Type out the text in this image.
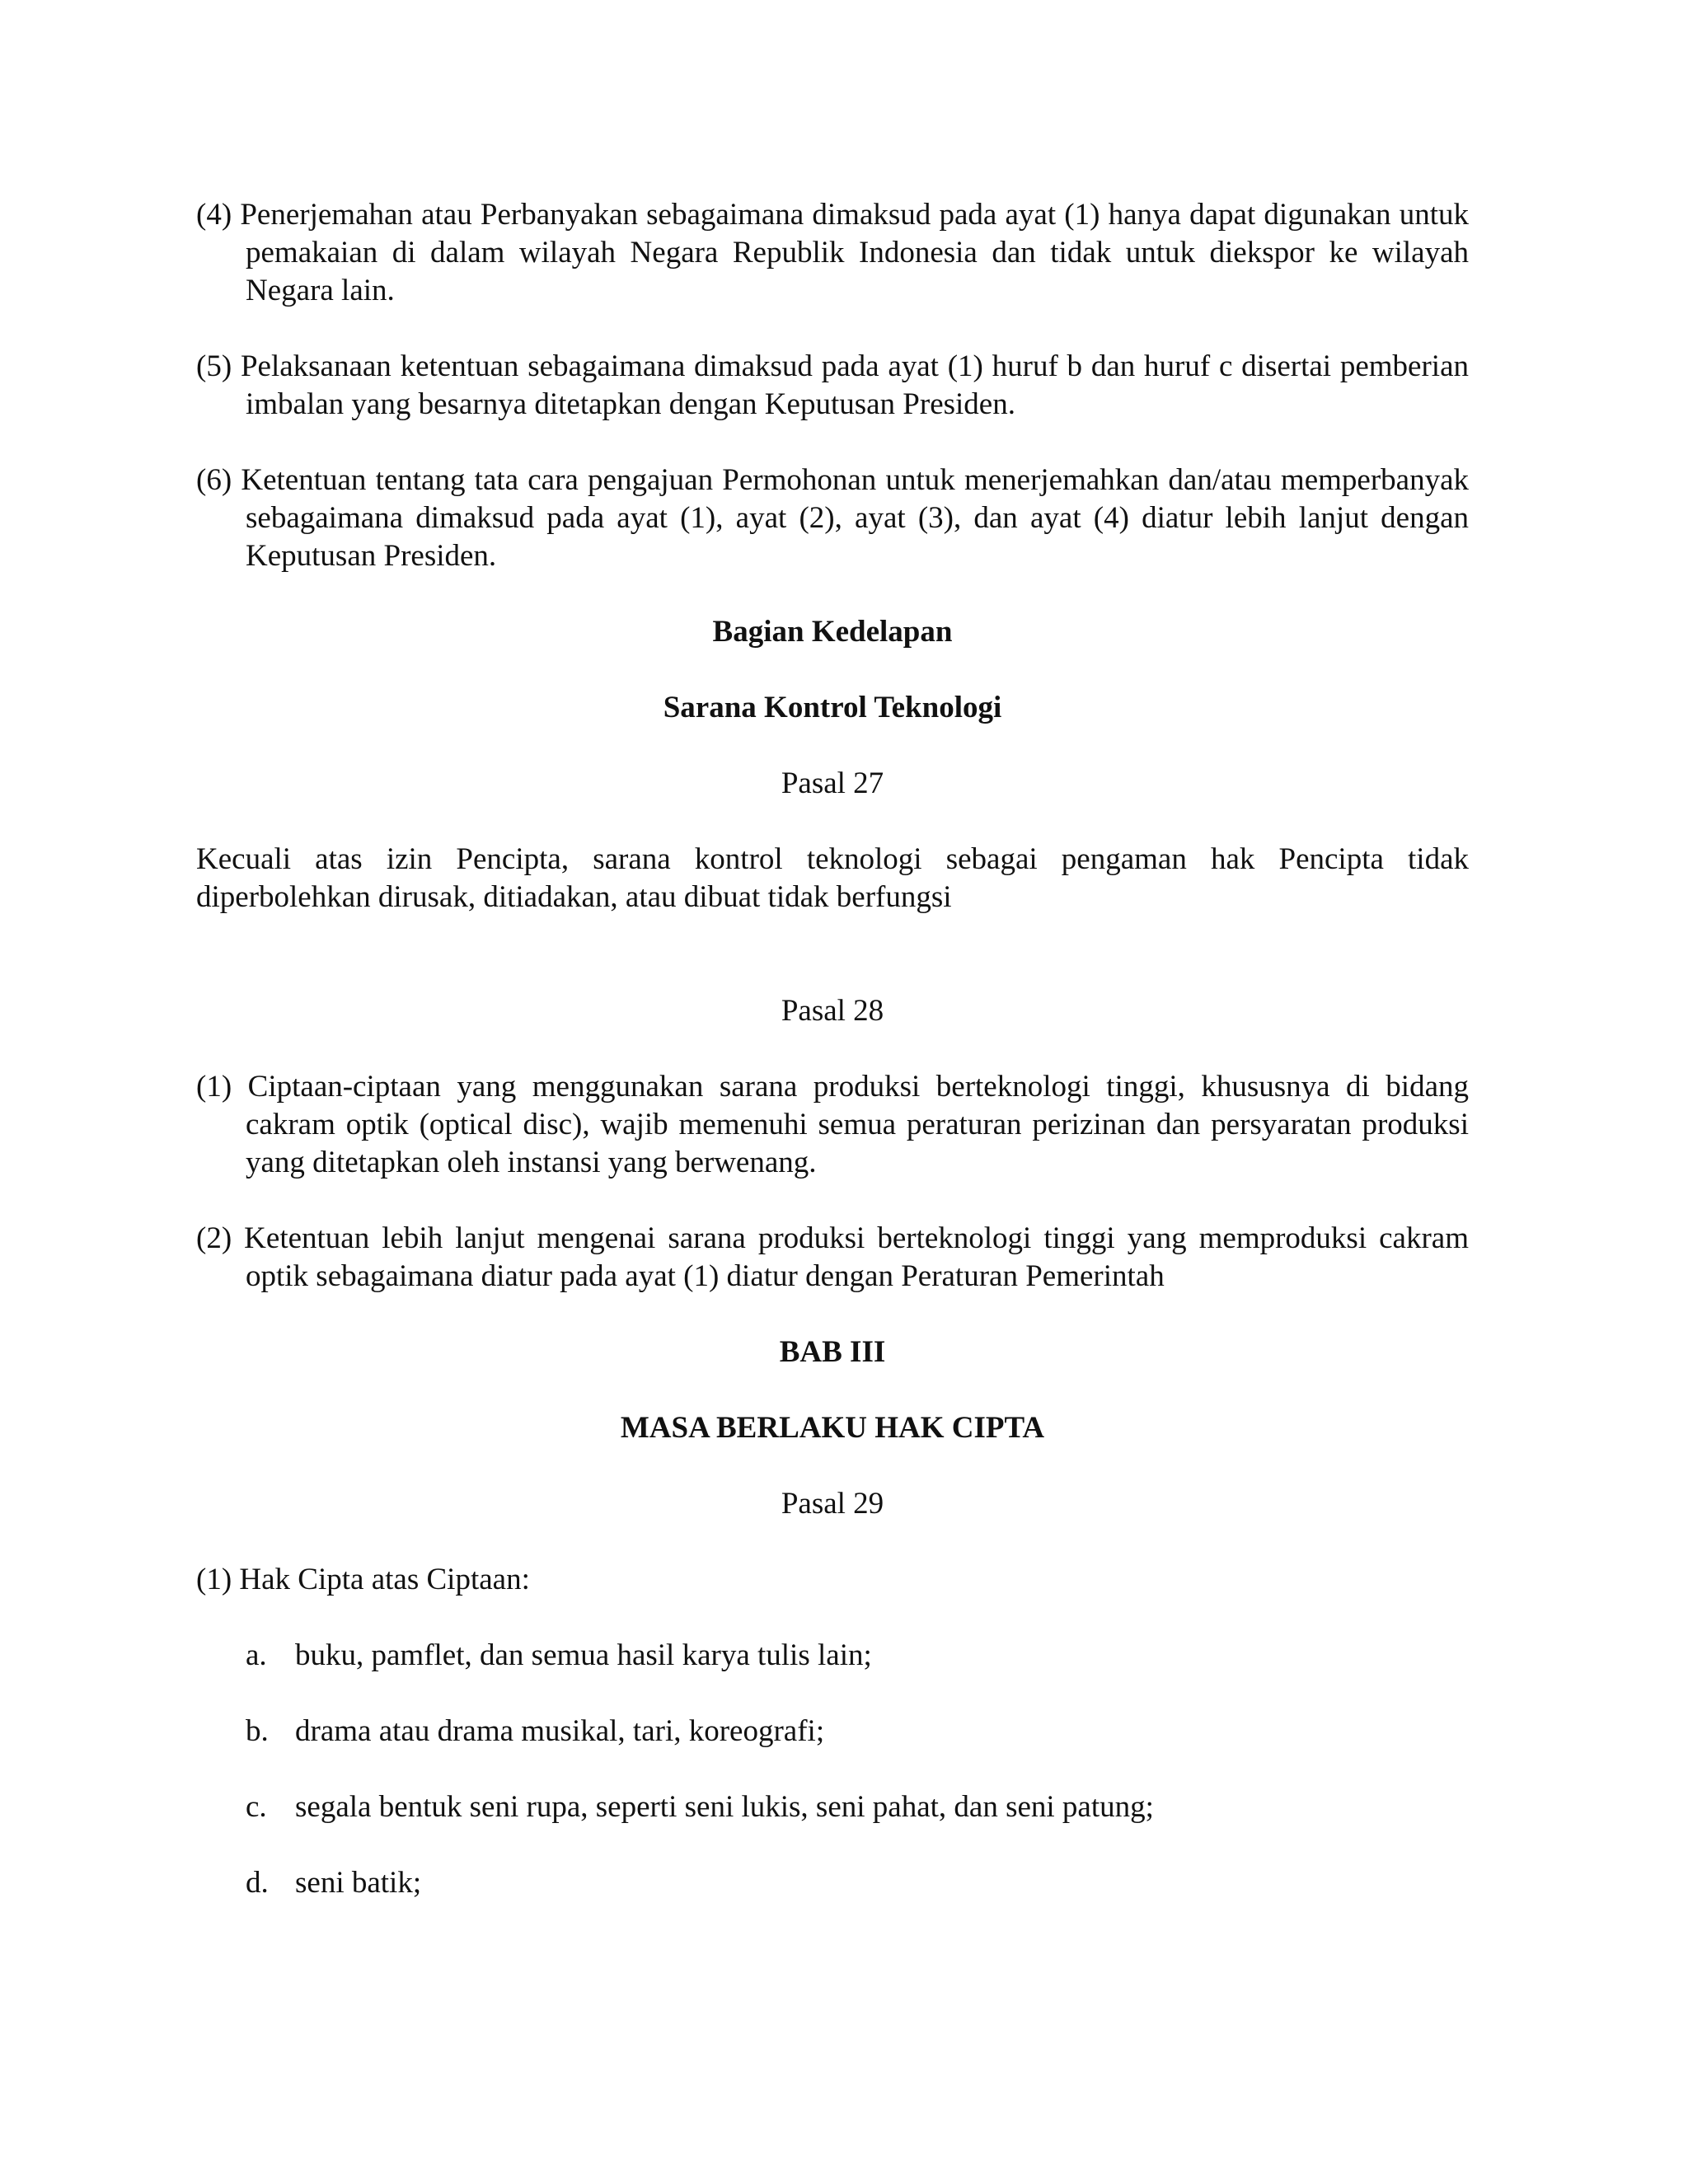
(4) Penerjemahan atau Perbanyakan sebagaimana dimaksud pada ayat (1) hanya dapat digunakan untuk pemakaian di dalam wilayah Negara Republik Indonesia dan tidak untuk diekspor ke wilayah Negara lain.

(5) Pelaksanaan ketentuan sebagaimana dimaksud pada ayat (1) huruf b dan huruf c disertai pemberian imbalan yang besarnya ditetapkan dengan Keputusan Presiden.

(6) Ketentuan tentang tata cara pengajuan Permohonan untuk menerjemahkan dan/atau memperbanyak sebagaimana dimaksud pada ayat (1), ayat (2), ayat (3), dan ayat (4) diatur lebih lanjut dengan Keputusan Presiden.

Bagian Kedelapan

Sarana Kontrol Teknologi

Pasal 27

Kecuali atas izin Pencipta, sarana kontrol teknologi sebagai pengaman hak Pencipta tidak diperbolehkan dirusak, ditiadakan, atau dibuat tidak berfungsi

Pasal 28

(1) Ciptaan-ciptaan yang menggunakan sarana produksi berteknologi tinggi, khususnya di bidang cakram optik (optical disc), wajib memenuhi semua peraturan perizinan dan persyaratan produksi yang ditetapkan oleh instansi yang berwenang.

(2) Ketentuan lebih lanjut mengenai sarana produksi berteknologi tinggi yang memproduksi cakram optik sebagaimana diatur pada ayat (1) diatur dengan Peraturan Pemerintah

BAB III

MASA BERLAKU HAK CIPTA

Pasal 29

(1) Hak Cipta atas Ciptaan:

a. buku, pamflet, dan semua hasil karya tulis lain;

b. drama atau drama musikal, tari, koreografi;

c. segala bentuk seni rupa, seperti seni lukis, seni pahat, dan seni patung;

d. seni batik;
